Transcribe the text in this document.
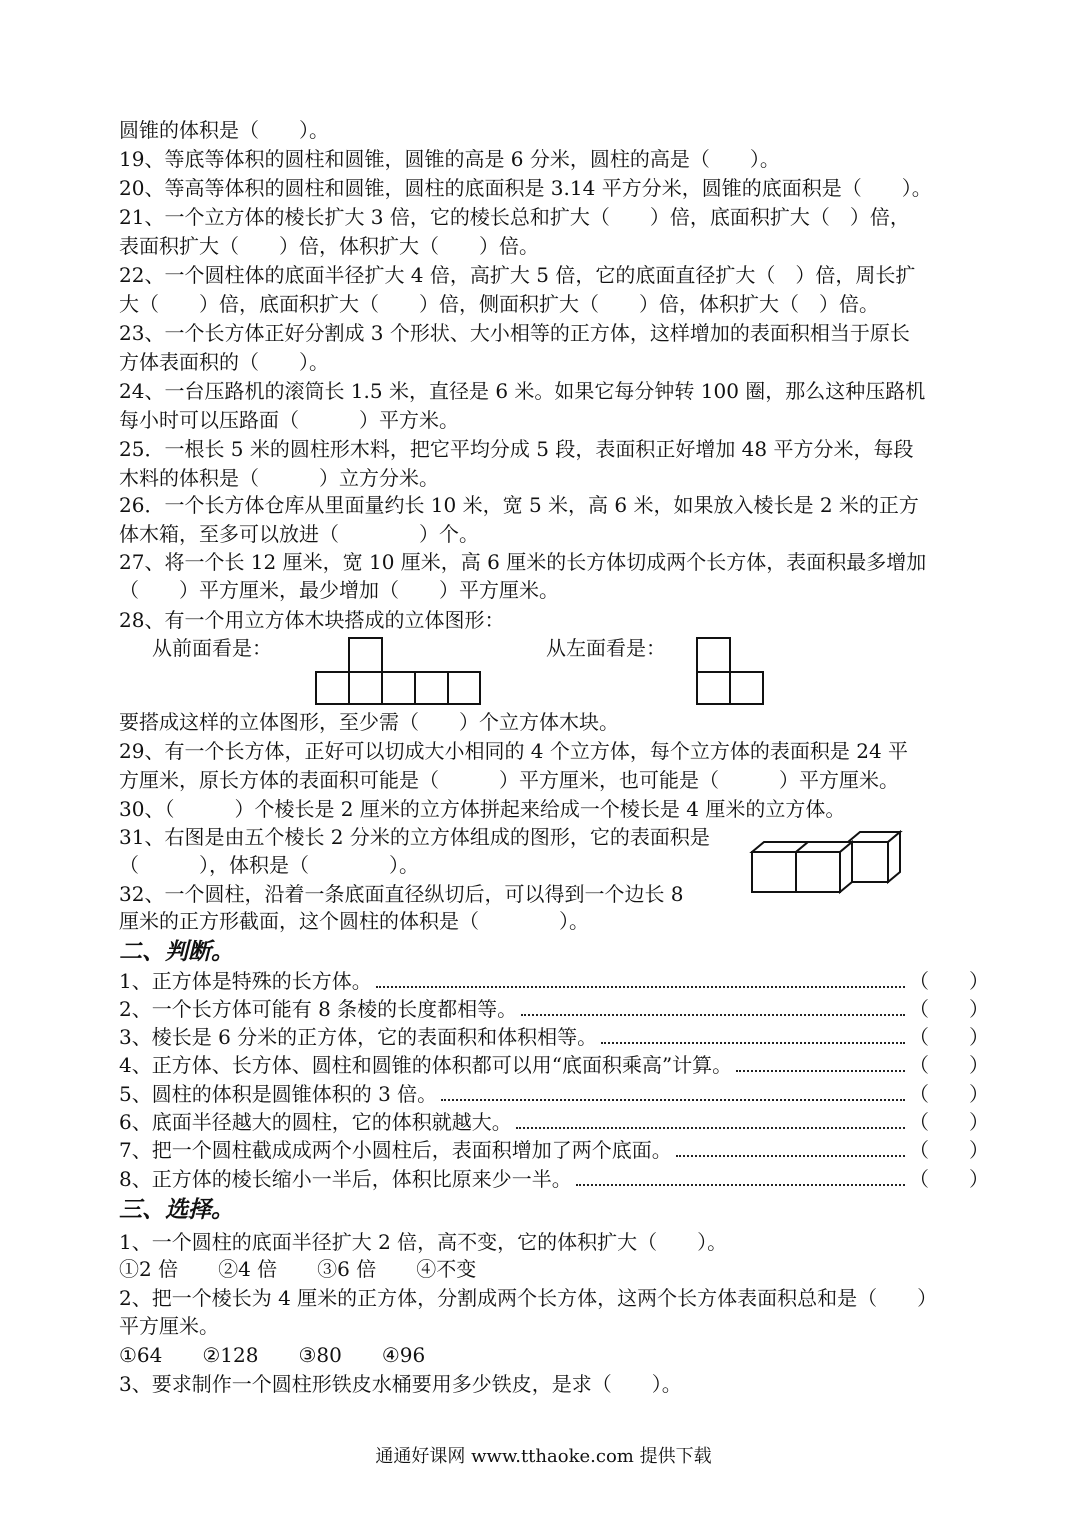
圆锥的体积是（　　）。
19、等底等体积的圆柱和圆锥，圆锥的高是 6 分米，圆柱的高是（　　）。
20、等高等体积的圆柱和圆锥，圆柱的底面积是 3.14 平方分米，圆锥的底面积是（　　）。
21、一个立方体的棱长扩大 3 倍，它的棱长总和扩大（　　）倍，底面积扩大（　）倍，
表面积扩大（　　）倍，体积扩大（　　）倍。
22、一个圆柱体的底面半径扩大 4 倍，高扩大 5 倍，它的底面直径扩大（　）倍，周长扩
大（　　）倍，底面积扩大（　　）倍，侧面积扩大（　　）倍，体积扩大（　）倍。
23、一个长方体正好分割成 3 个形状、大小相等的正方体，这样增加的表面积相当于原长
方体表面积的（　　）。
24、一台压路机的滚筒长 1.5 米，直径是 6 米。如果它每分钟转 100 圈，那么这种压路机
每小时可以压路面（　　　）平方米。
25．一根长 5 米的圆柱形木料，把它平均分成 5 段，表面积正好增加 48 平方分米，每段
木料的体积是（　　　）立方分米。
26．一个长方体仓库从里面量约长 10 米，宽 5 米，高 6 米，如果放入棱长是 2 米的正方
体木箱，至多可以放进（　　　　）个。
27、将一个长 12 厘米，宽 10 厘米，高 6 厘米的长方体切成两个长方体，表面积最多增加
（　　）平方厘米，最少增加（　　）平方厘米。
28、有一个用立方体木块搭成的立体图形：
从前面看是：	从左面看是：
要搭成这样的立体图形，至少需（　　）个立方体木块。
29、有一个长方体，正好可以切成大小相同的 4 个立方体，每个立方体的表面积是 24 平
方厘米，原长方体的表面积可能是（　　　）平方厘米，也可能是（　　　）平方厘米。
30、（　　　）个棱长是 2 厘米的立方体拼起来给成一个棱长是 4 厘米的立方体。
31、右图是由五个棱长 2 分米的立方体组成的图形，它的表面积是
（　　　），体积是（　　　　）。
32、一个圆柱，沿着一条底面直径纵切后，可以得到一个边长 8
厘米的正方形截面，这个圆柱的体积是（　　　　）。
二、判断。
1、正方体是特殊的长方体。	（　　）
2、一个长方体可能有 8 条棱的长度都相等。	（　　）
3、棱长是 6 分米的正方体，它的表面积和体积相等。	（　　）
4、正方体、长方体、圆柱和圆锥的体积都可以用“底面积乘高”计算。	（　　）
5、圆柱的体积是圆锥体积的 3 倍。	（　　）
6、底面半径越大的圆柱，它的体积就越大。	（　　）
7、把一个圆柱截成成两个小圆柱后，表面积增加了两个底面。	（　　）
8、正方体的棱长缩小一半后，体积比原来少一半。	（　　）
三、选择。
1、一个圆柱的底面半径扩大 2 倍，高不变，它的体积扩大（　　）。
①2 倍　　②4 倍　　③6 倍　　④不变
2、把一个棱长为 4 厘米的正方体，分割成两个长方体，这两个长方体表面积总和是（　　）
平方厘米。
①64　　②128　　③80　　④96
3、要求制作一个圆柱形铁皮水桶要用多少铁皮，是求（　　）。
通通好课网 www.tthaoke.com 提供下载
